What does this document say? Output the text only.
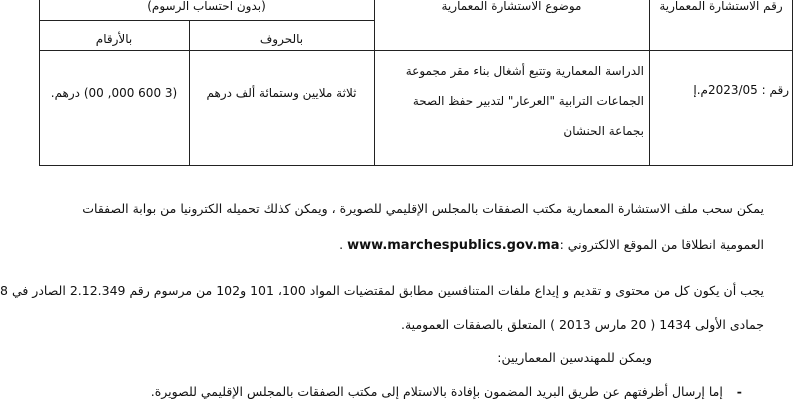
(بدون احتساب الرسوم)	موضوع الاستشارة المعمارية	رقم الاستشارة المعمارية
بالحروف
بالأرقام
الدراسة المعمارية وتتبع أشغال بناء مقر مجموعة
الجماعات الترابية "العرعار" لتدبير حفظ الصحة
بجماعة الحنشان
رقم : 2023/05م.إ
ثلاثة ملايين وستمائة ألف درهم
(3 600 000, 00) درهم.
يمكن سحب ملف الاستشارة المعمارية مكتب الصفقات بالمجلس الإقليمي للصويرة ، ويمكن كذلك تحميله الكترونيا من بوابة الصفقات
العمومية انطلاقا من الموقع الالكتروني :www.marchespublics.gov.ma .
يجب أن يكون كل من محتوى و تقديم و إيداع ملفات المتنافسين مطابق لمقتضيات المواد 100، 101 و102 من مرسوم رقم 2.12.349 الصادر في 8
جمادى الأولى 1434 ( 20 مارس 2013 ) المتعلق بالصفقات العمومية.
ويمكن للمهندسين المعماريين:
-إما إرسال أظرفتهم عن طريق البريد المضمون بإفادة بالاستلام إلى مكتب الصفقات بالمجلس الإقليمي للصويرة.
